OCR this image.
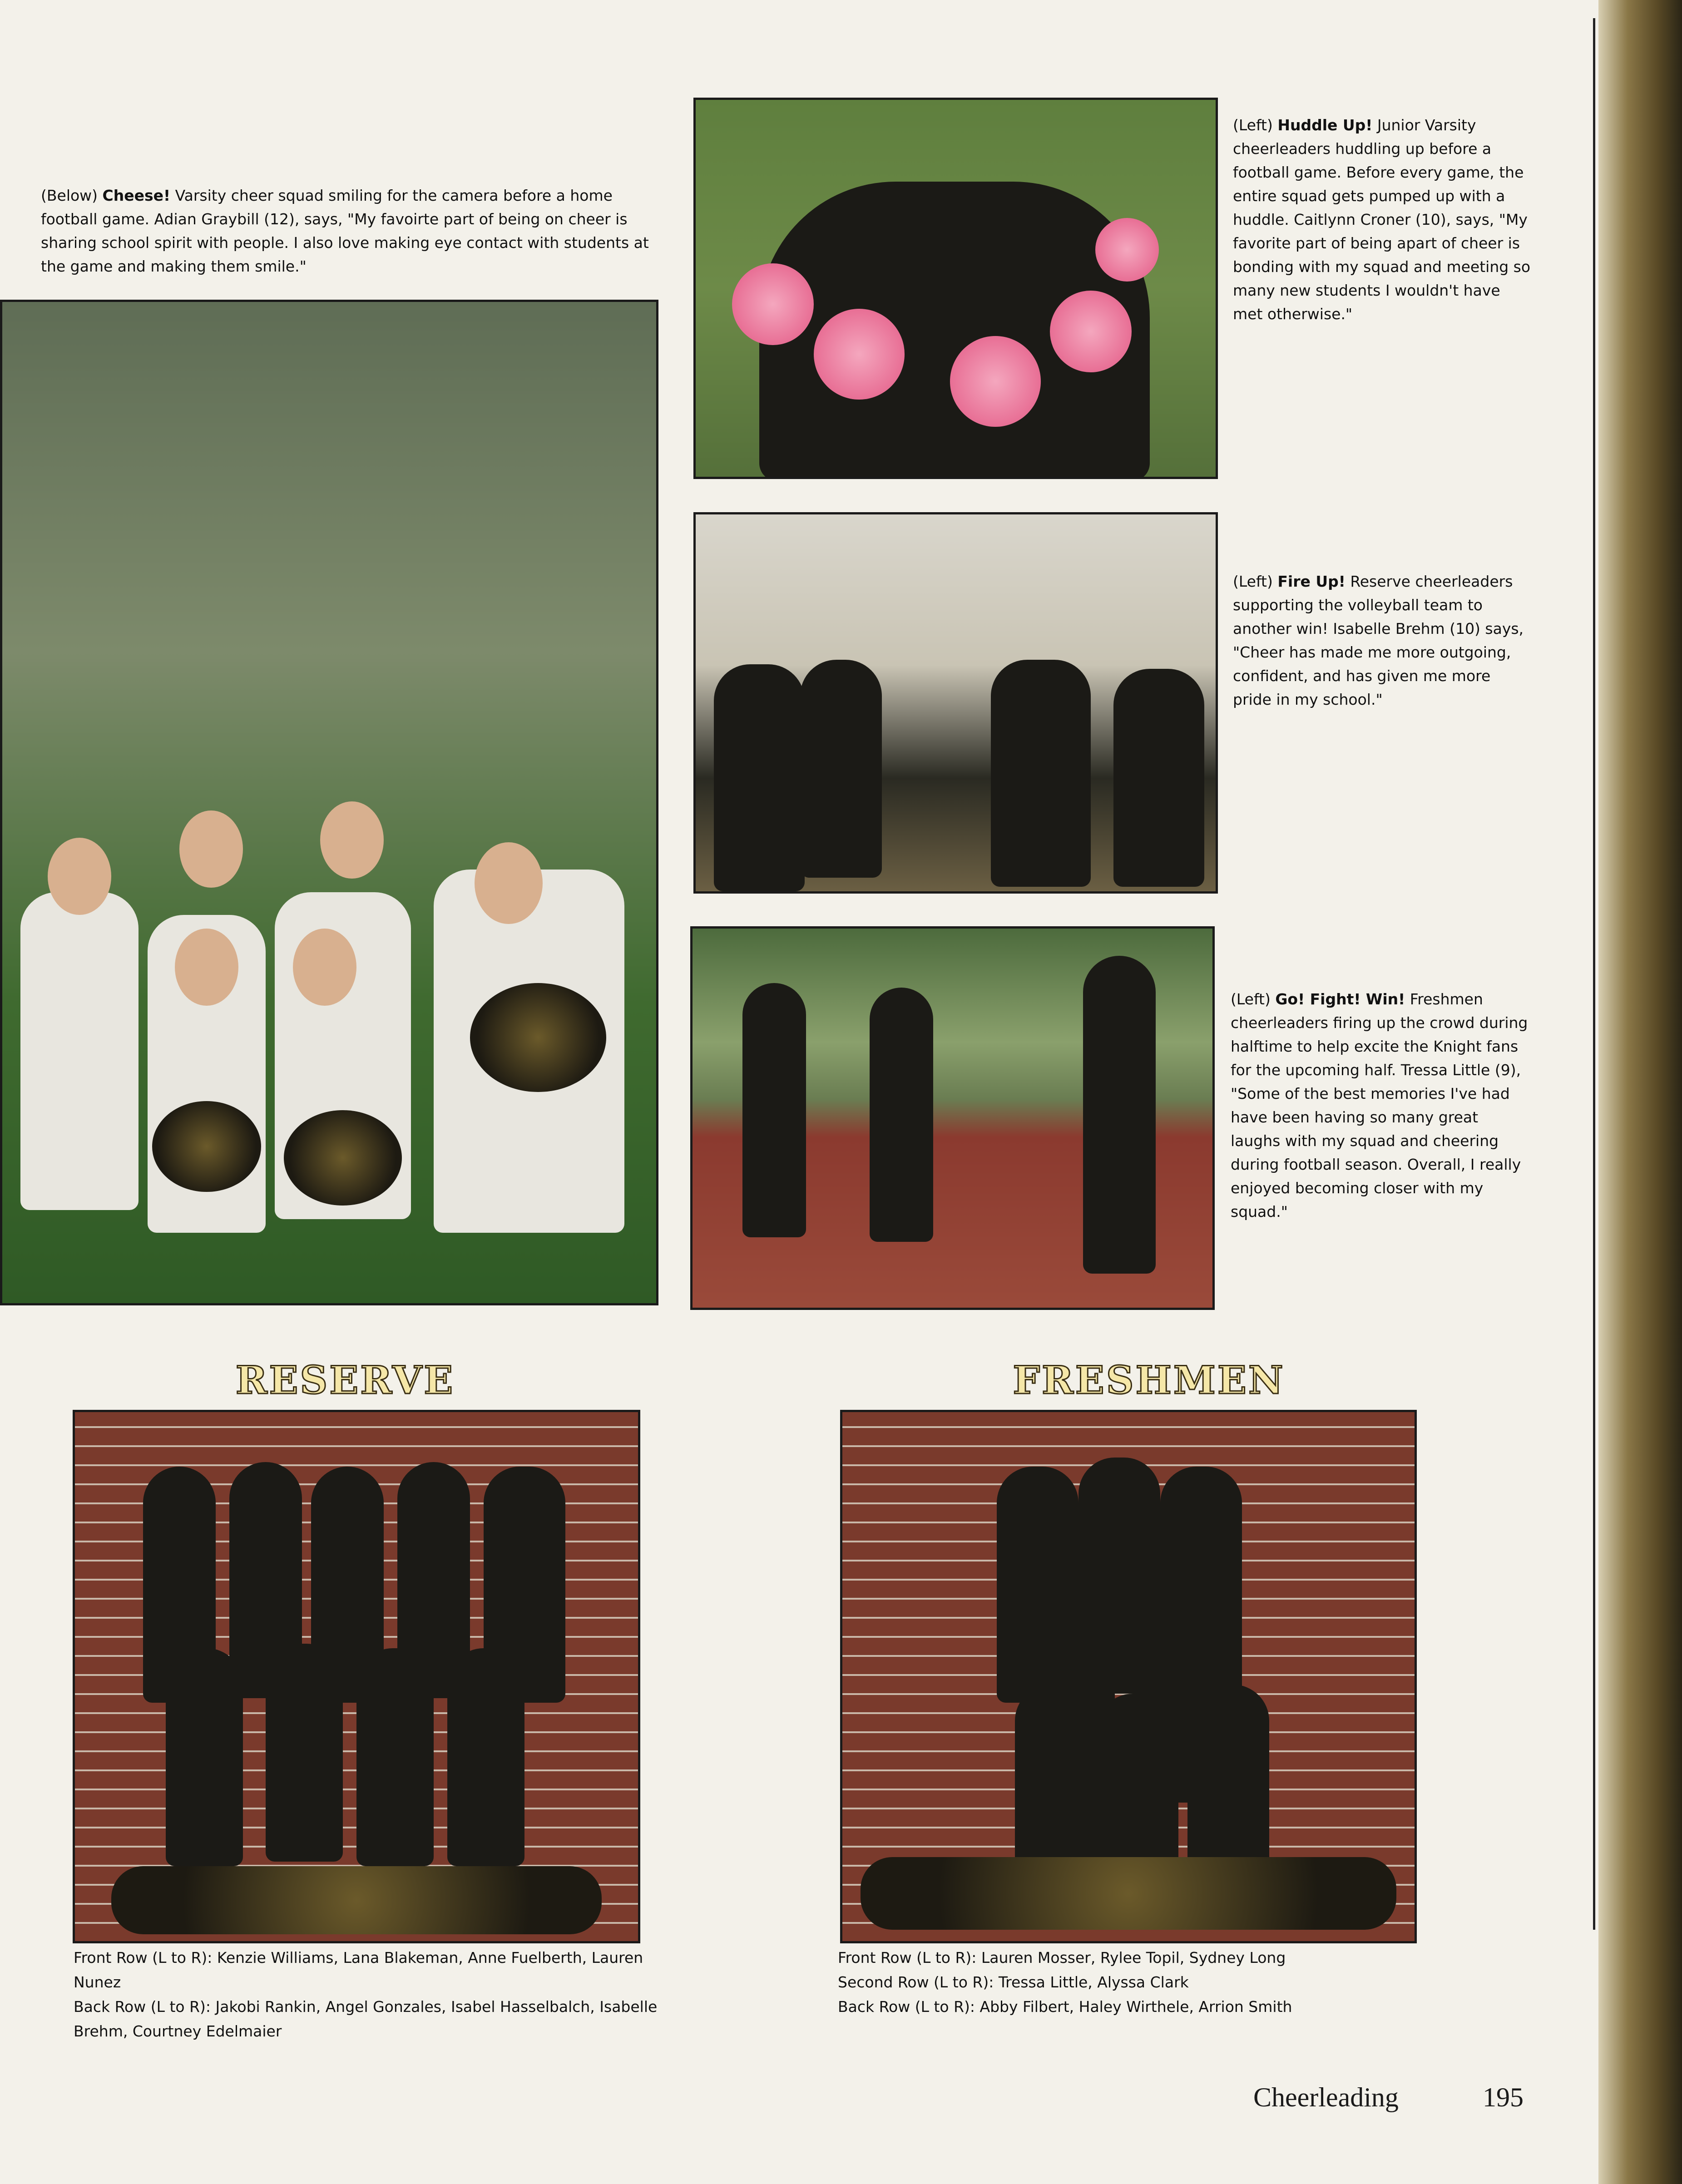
(Below) Cheese! Varsity cheer squad smiling for the camera before a home football game. Adian Graybill (12), says, "My favoirte part of being on cheer is sharing school spirit with people. I also love making eye contact with students at the game and making them smile."
(Left) Huddle Up! Junior Varsity cheerleaders huddling up before a football game. Before every game, the entire squad gets pumped up with a huddle. Caitlynn Croner (10), says, "My favorite part of being apart of cheer is bonding with my squad and meeting so many new students I wouldn't have met otherwise."
(Left) Fire Up! Reserve cheerleaders supporting the volleyball team to another win! Isabelle Brehm (10) says, "Cheer has made me more outgoing, confident, and has given me more pride in my school."
(Left) Go! Fight! Win! Freshmen cheerleaders firing up the crowd during halftime to help excite the Knight fans for the upcoming half. Tressa Little (9), "Some of the best memories I've had have been having so many great laughs with my squad and cheering during football season. Overall, I really enjoyed becoming closer with my squad."
RESERVE
Front Row (L to R): Kenzie Williams, Lana Blakeman, Anne Fuelberth, Lauren Nunez
Back Row (L to R): Jakobi Rankin, Angel Gonzales, Isabel Hasselbalch, Isabelle Brehm, Courtney Edelmaier
FRESHMEN
Front Row (L to R): Lauren Mosser, Rylee Topil, Sydney Long
Second Row (L to R): Tressa Little, Alyssa Clark
Back Row (L to R): Abby Filbert, Haley Wirthele, Arrion Smith
Cheerleading	195
